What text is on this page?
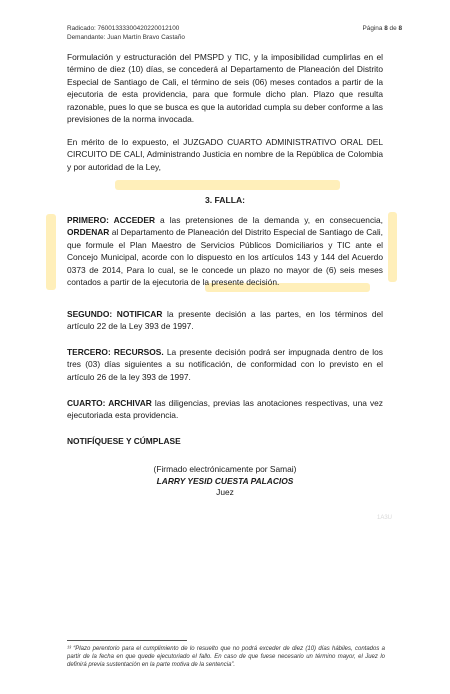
Radicado: 76001333300420220012100
Demandante: Juan Martín Bravo Castaño
Página 8 de 8

Formulación y estructuración del PMSPD y TIC, y la imposibilidad cumplirlas en el término de diez (10) días, se concederá al Departamento de Planeación del Distrito Especial de Santiago de Cali, el término de seis (06) meses contados a partir de la ejecutoria de esta providencia, para que formule dicho plan. Plazo que resulta razonable, pues lo que se busca es que la autoridad cumpla su deber conforme a las previsiones de la norma invocada.

En mérito de lo expuesto, el JUZGADO CUARTO ADMINISTRATIVO ORAL DEL CIRCUITO DE CALI, Administrando Justicia en nombre de la República de Colombia y por autoridad de la Ley,

3. FALLA:

PRIMERO: ACCEDER a las pretensiones de la demanda y, en consecuencia, ORDENAR al Departamento de Planeación del Distrito Especial de Santiago de Cali, que formule el Plan Maestro de Servicios Públicos Domiciliarios y TIC ante el Concejo Municipal, acorde con lo dispuesto en los artículos 143 y 144 del Acuerdo 0373 de 2014, Para lo cual, se le concede un plazo no mayor de (6) seis meses contados a partir de la ejecutoria de la presente decisión.

SEGUNDO: NOTIFICAR la presente decisión a las partes, en los términos del artículo 22 de la Ley 393 de 1997.

TERCERO: RECURSOS. La presente decisión podrá ser impugnada dentro de los tres (03) días siguientes a su notificación, de conformidad con lo previsto en el artículo 26 de la ley 393 de 1997.

CUARTO: ARCHIVAR las diligencias, previas las anotaciones respectivas, una vez ejecutoriada esta providencia.

NOTIFÍQUESE Y CÚMPLASE
(Firmado electrónicamente por Samai)
LARRY YESID CUESTA PALACIOS
Juez
1A3U
¹³ “Plazo perentorio para el cumplimiento de lo resuelto que no podrá exceder de diez (10) días hábiles, contados a partir de la fecha en que quede ejecutoriado el fallo. En caso de que fuese necesario un término mayor, el Juez lo definirá previa sustentación en la parte motiva de la sentencia”.
